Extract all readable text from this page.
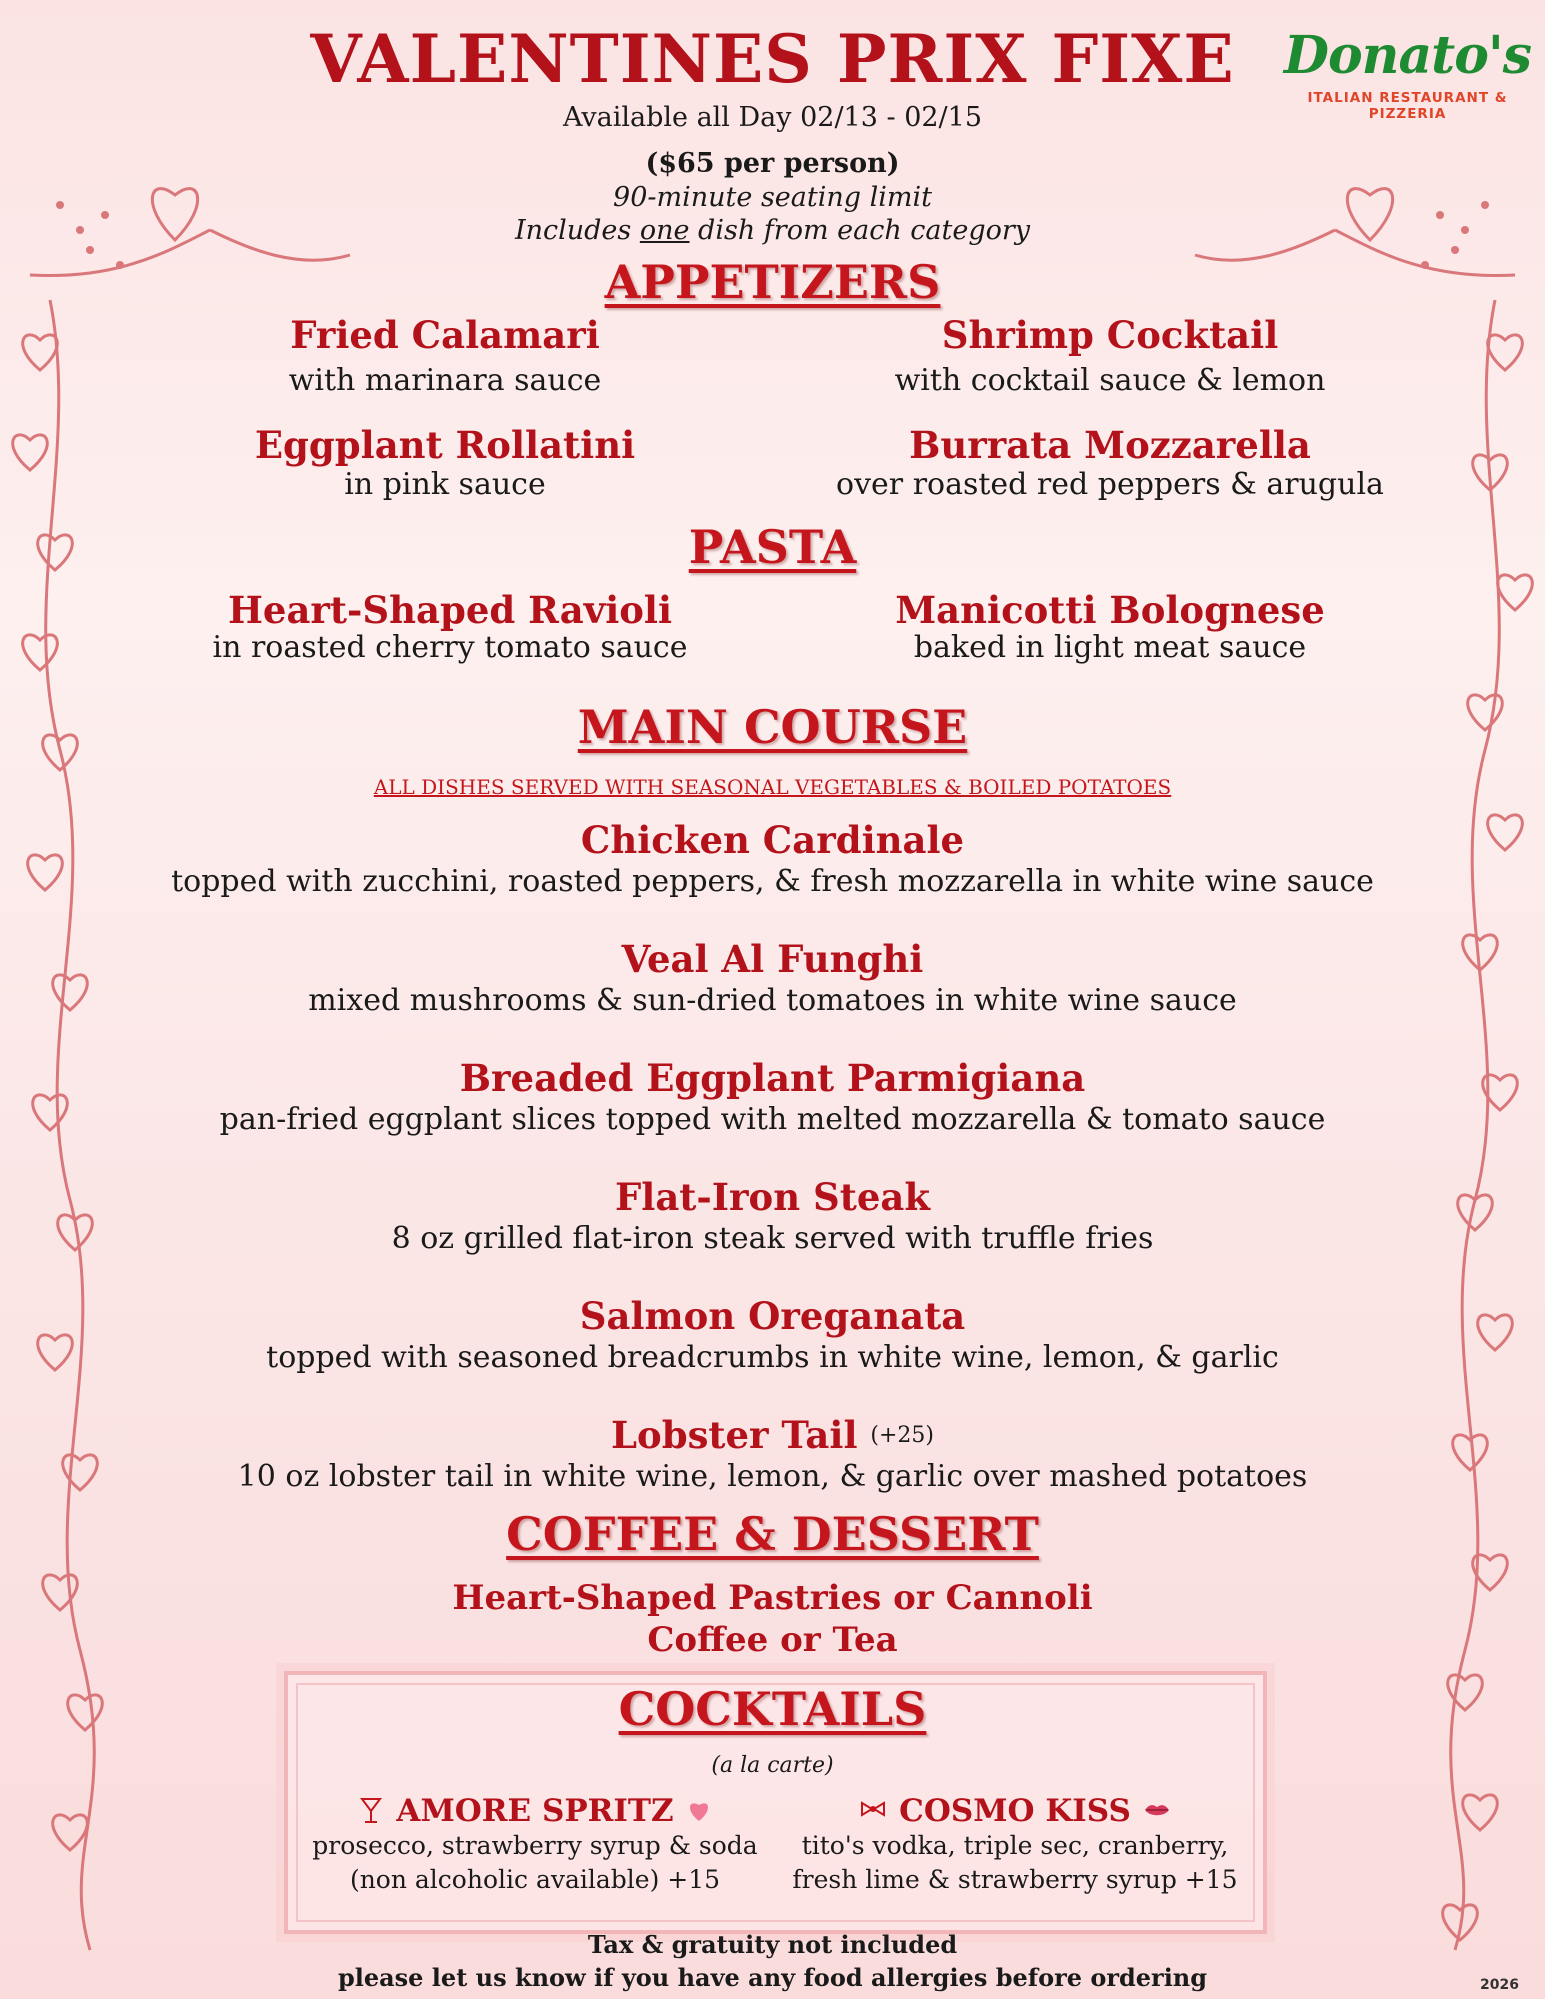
VALENTINES PRIX FIXE Donato's
ITALIAN RESTAURANT & PIZZERIA
Available all Day 02/13 - 02/15
($65 per person)
90-minute seating limit
Includes one dish from each category
APPETIZERS
Fried Calamari
with marinara sauce
Shrimp Cocktail
with cocktail sauce & lemon
Eggplant Rollatini
in pink sauce
Burrata Mozzarella
over roasted red peppers & arugula
PASTA
Heart-Shaped Ravioli
in roasted cherry tomato sauce
Manicotti Bolognese
baked in light meat sauce
MAIN COURSE
ALL DISHES SERVED WITH SEASONAL VEGETABLES & BOILED POTATOES
Chicken Cardinale
topped with zucchini, roasted peppers, & fresh mozzarella in white wine sauce
Veal Al Funghi
mixed mushrooms & sun-dried tomatoes in white wine sauce
Breaded Eggplant Parmigiana
pan-fried eggplant slices topped with melted mozzarella & tomato sauce
Flat-Iron Steak
8 oz grilled flat-iron steak served with truffle fries
Salmon Oreganata
topped with seasoned breadcrumbs in white wine, lemon, & garlic
Lobster Tail (+25)
10 oz lobster tail in white wine, lemon, & garlic over mashed potatoes
COFFEE & DESSERT
Heart-Shaped Pastries or Cannoli
Coffee or Tea
COCKTAILS
(a la carte)
AMORE SPRITZ
prosecco, strawberry syrup & soda
(non alcoholic available) +15
COSMO KISS
tito's vodka, triple sec, cranberry,
fresh lime & strawberry syrup +15
Tax & gratuity not included
please let us know if you have any food allergies before ordering	2026
